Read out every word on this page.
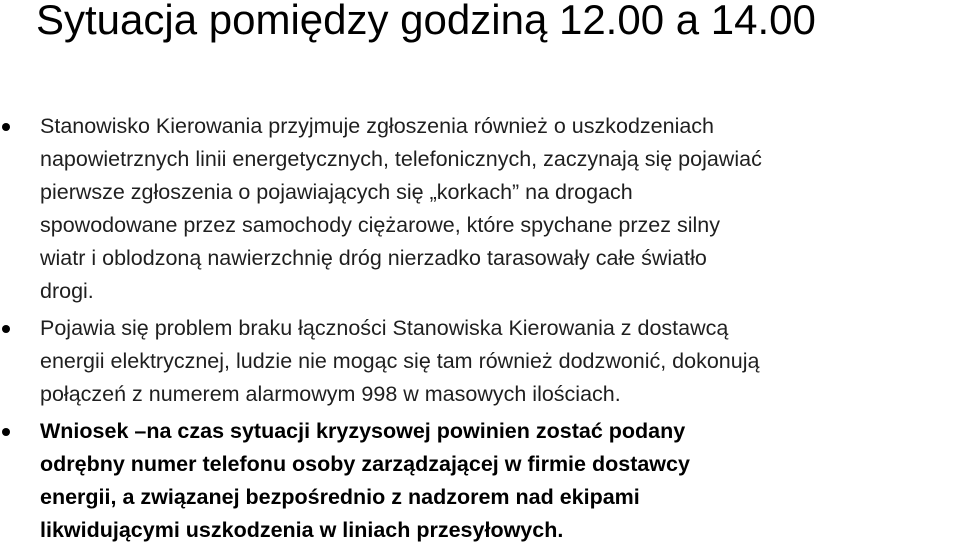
Sytuacja pomiędzy godziną 12.00 a 14.00
Stanowisko Kierowania przyjmuje zgłoszenia również o uszkodzeniach
napowietrznych linii energetycznych, telefonicznych, zaczynają się pojawiać
pierwsze zgłoszenia o pojawiających się „korkach” na drogach
spowodowane przez samochody ciężarowe, które spychane przez silny
wiatr i oblodzoną nawierzchnię dróg nierzadko tarasowały całe światło
drogi.
Pojawia się problem braku łączności Stanowiska Kierowania z dostawcą
energii elektrycznej, ludzie nie mogąc się tam również dodzwonić, dokonują
połączeń z numerem alarmowym 998 w masowych ilościach.
Wniosek –na czas sytuacji kryzysowej powinien zostać podany
odrębny numer telefonu osoby zarządzającej w firmie dostawcy
energii, a związanej bezpośrednio z nadzorem nad ekipami
likwidującymi uszkodzenia w liniach przesyłowych.
